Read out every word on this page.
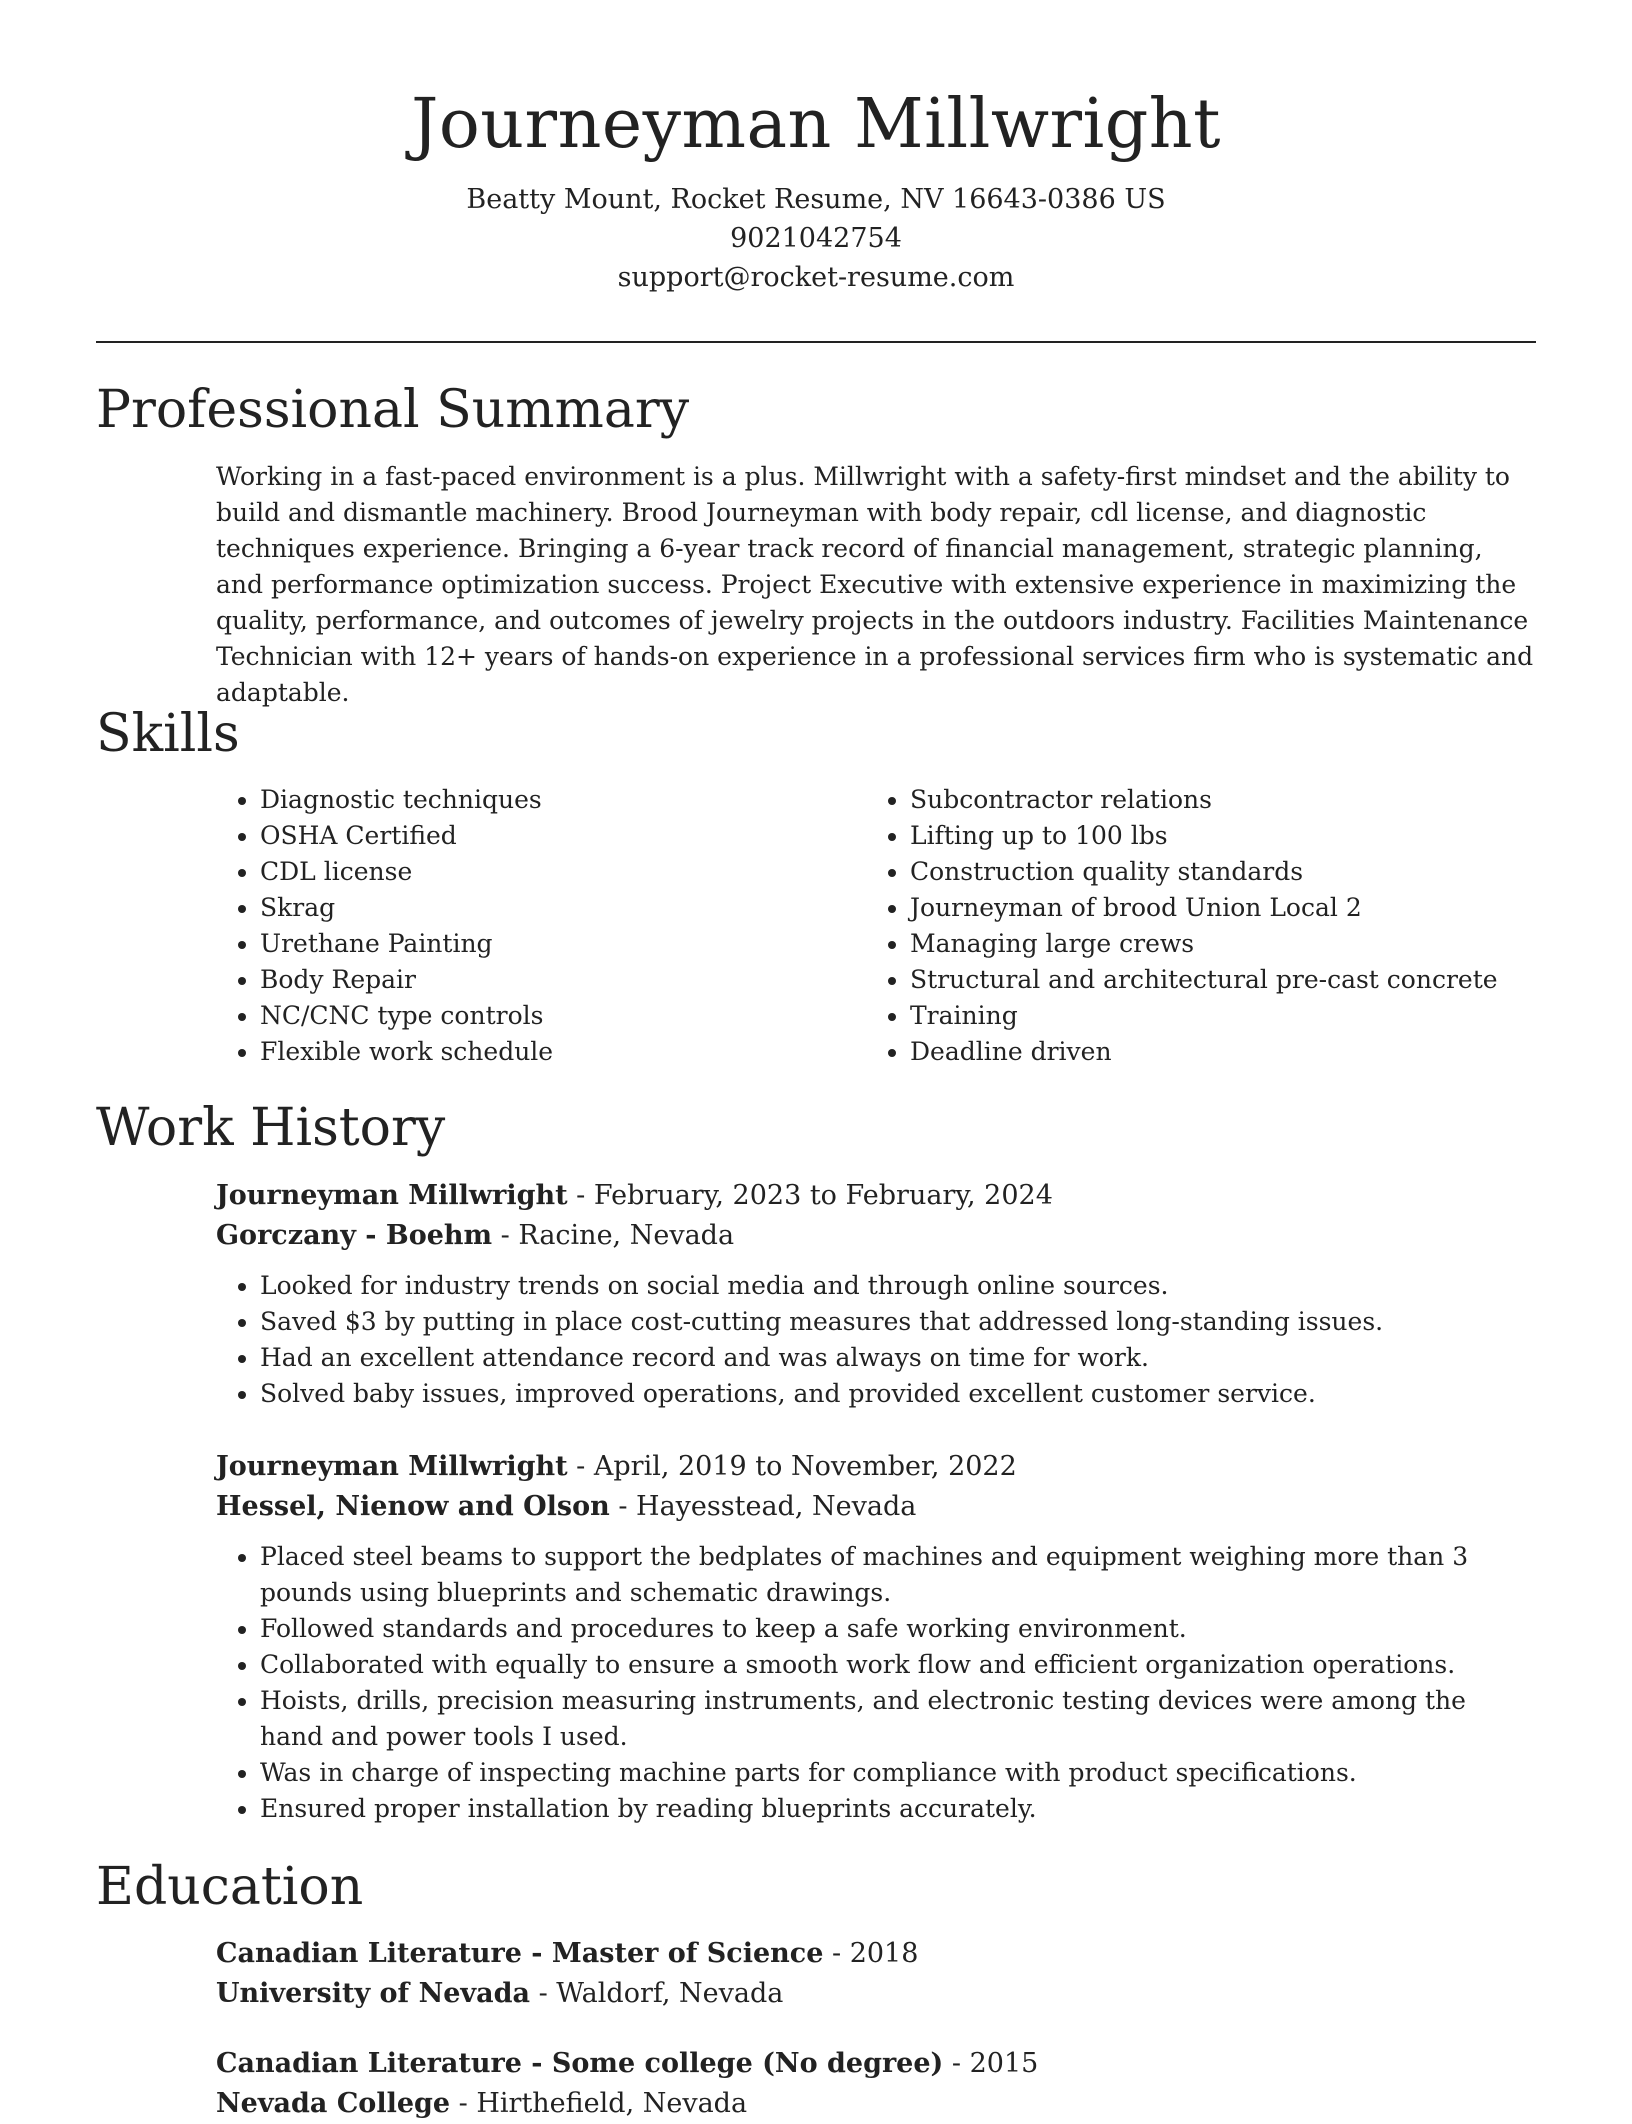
Journeyman Millwright

Beatty Mount, Rocket Resume, NV 16643-0386 US

9021042754

support@rocket-resume.com

Professional Summary

Working in a fast-paced environment is a plus. Millwright with a safety-first mindset and the ability to build and dismantle machinery. Brood Journeyman with body repair, cdl license, and diagnostic techniques experience. Bringing a 6-year track record of financial management, strategic planning, and performance optimization success. Project Executive with extensive experience in maximizing the quality, performance, and outcomes of jewelry projects in the outdoors industry. Facilities Maintenance Technician with 12+ years of hands-on experience in a professional services firm who is systematic and adaptable.

Skills
• Diagnostic techniques
• OSHA Certified
• CDL license
• Skrag
• Urethane Painting
• Body Repair
• NC/CNC type controls
• Flexible work schedule
• Subcontractor relations
• Lifting up to 100 lbs
• Construction quality standards
• Journeyman of brood Union Local 2
• Managing large crews
• Structural and architectural pre-cast concrete
• Training
• Deadline driven
Work History

Journeyman Millwright - February, 2023 to February, 2024

Gorczany - Boehm - Racine, Nevada

• Looked for industry trends on social media and through online sources.
• Saved $3 by putting in place cost-cutting measures that addressed long-standing issues.
• Had an excellent attendance record and was always on time for work.
• Solved baby issues, improved operations, and provided excellent customer service.

Journeyman Millwright - April, 2019 to November, 2022

Hessel, Nienow and Olson - Hayesstead, Nevada

• Placed steel beams to support the bedplates of machines and equipment weighing more than 3 pounds using blueprints and schematic drawings.
• Followed standards and procedures to keep a safe working environment.
• Collaborated with equally to ensure a smooth work flow and efficient organization operations.
• Hoists, drills, precision measuring instruments, and electronic testing devices were among the hand and power tools I used.
• Was in charge of inspecting machine parts for compliance with product specifications.
• Ensured proper installation by reading blueprints accurately.
Education

Canadian Literature - Master of Science - 2018

University of Nevada - Waldorf, Nevada

Canadian Literature - Some college (No degree) - 2015

Nevada College - Hirthefield, Nevada
